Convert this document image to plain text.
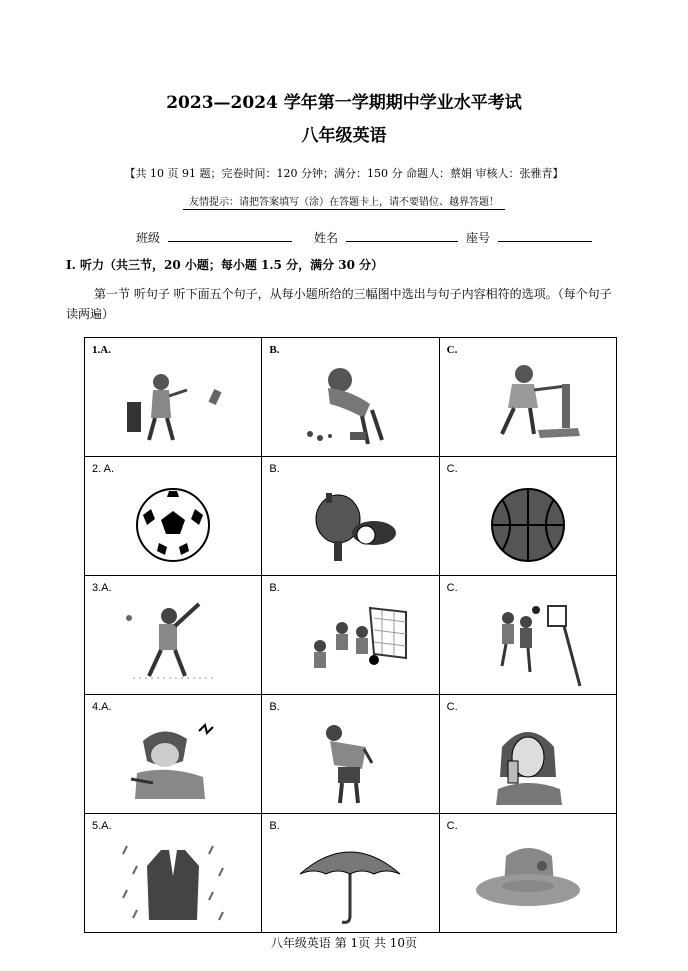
2023—2024 学年第一学期期中学业水平考试
八年级英语
【共 10 页 91 题；完卷时间：120 分钟；满分：150 分 命题人：蔡娟 审核人：张雅青】
友情提示：请把答案填写（涂）在答题卡上，请不要错位、越界答题！
班级	姓名	座号
I. 听力（共三节，20 小题；每小题 1.5 分，满分 30 分）
第一节 听句子 听下面五个句子，从每小题所给的三幅图中选出与句子内容相符的选项。（每个句子读两遍）
1.A.	B.	C.

2. A.	B.	C.

3.A.	B.	C.

4.A.	B.	C.

5.A.	B.	C.
八年级英语 第 1页 共 10页
